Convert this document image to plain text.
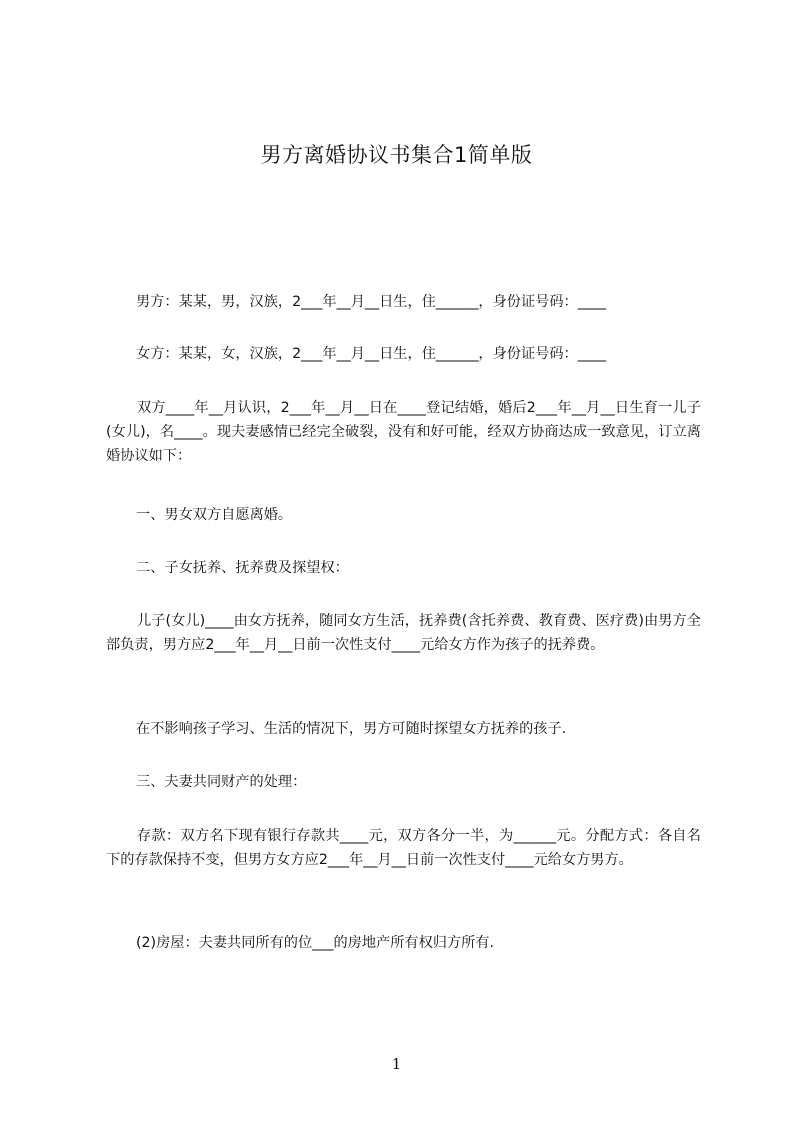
男方离婚协议书集合1简单版

男方：某某，男，汉族，2___年__月__日生，住______，身份证号码：____

女方：某某，女，汉族，2___年__月__日生，住______，身份证号码：____

双方____年__月认识，2___年__月__日在____登记结婚，婚后2___年__月__日生育一儿子(女儿)，名____。现夫妻感情已经完全破裂，没有和好可能，经双方协商达成一致意见，订立离婚协议如下：

一、男女双方自愿离婚。

二、子女抚养、抚养费及探望权：

儿子(女儿)____由女方抚养，随同女方生活，抚养费(含托养费、教育费、医疗费)由男方全部负责，男方应2___年__月__日前一次性支付____元给女方作为孩子的抚养费。

在不影响孩子学习、生活的情况下，男方可随时探望女方抚养的孩子.

三、夫妻共同财产的处理：

存款：双方名下现有银行存款共____元，双方各分一半，为______元。分配方式：各自名下的存款保持不变，但男方女方应2___年__月__日前一次性支付____元给女方男方。

(2)房屋：夫妻共同所有的位___的房地产所有权归方所有.

1
